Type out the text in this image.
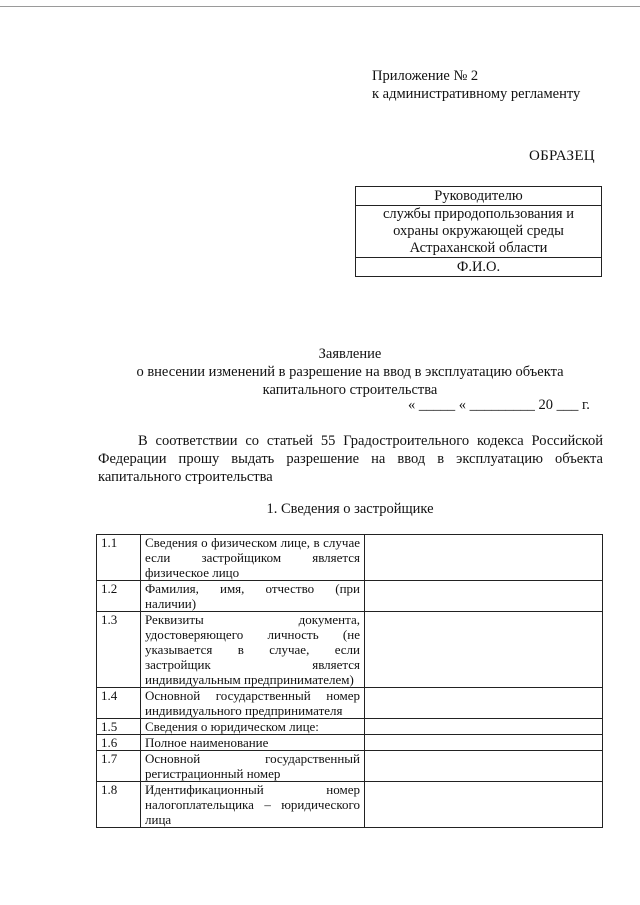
Приложение № 2
к административному регламенту
ОБРАЗЕЦ
Руководителю
службы природопользования и охраны окружающей среды Астраханской области
Ф.И.О.
Заявление
о внесении изменений в разрешение на ввод в эксплуатацию объекта
капитального строительства
« _____ « _________ 20 ___ г.
В соответствии со статьей 55 Градостроительного кодекса Российской Федерации прошу выдать разрешение на ввод в эксплуатацию объекта капитального строительства
1. Сведения о застройщике
1.1	Сведения о физическом лице, в случае если застройщиком является физическое лицо	
1.2	Фамилия, имя, отчество (при наличии)	
1.3	Реквизиты документа, удостоверяющего личность (не указывается в случае, если застройщик является индивидуальным предпринимателем)	
1.4	Основной государственный номер индивидуального предпринимателя	
1.5	Сведения о юридическом лице:	
1.6	Полное наименование	
1.7	Основной государственный регистрационный номер	
1.8	Идентификационный номер налогоплательщика – юридического лица	
